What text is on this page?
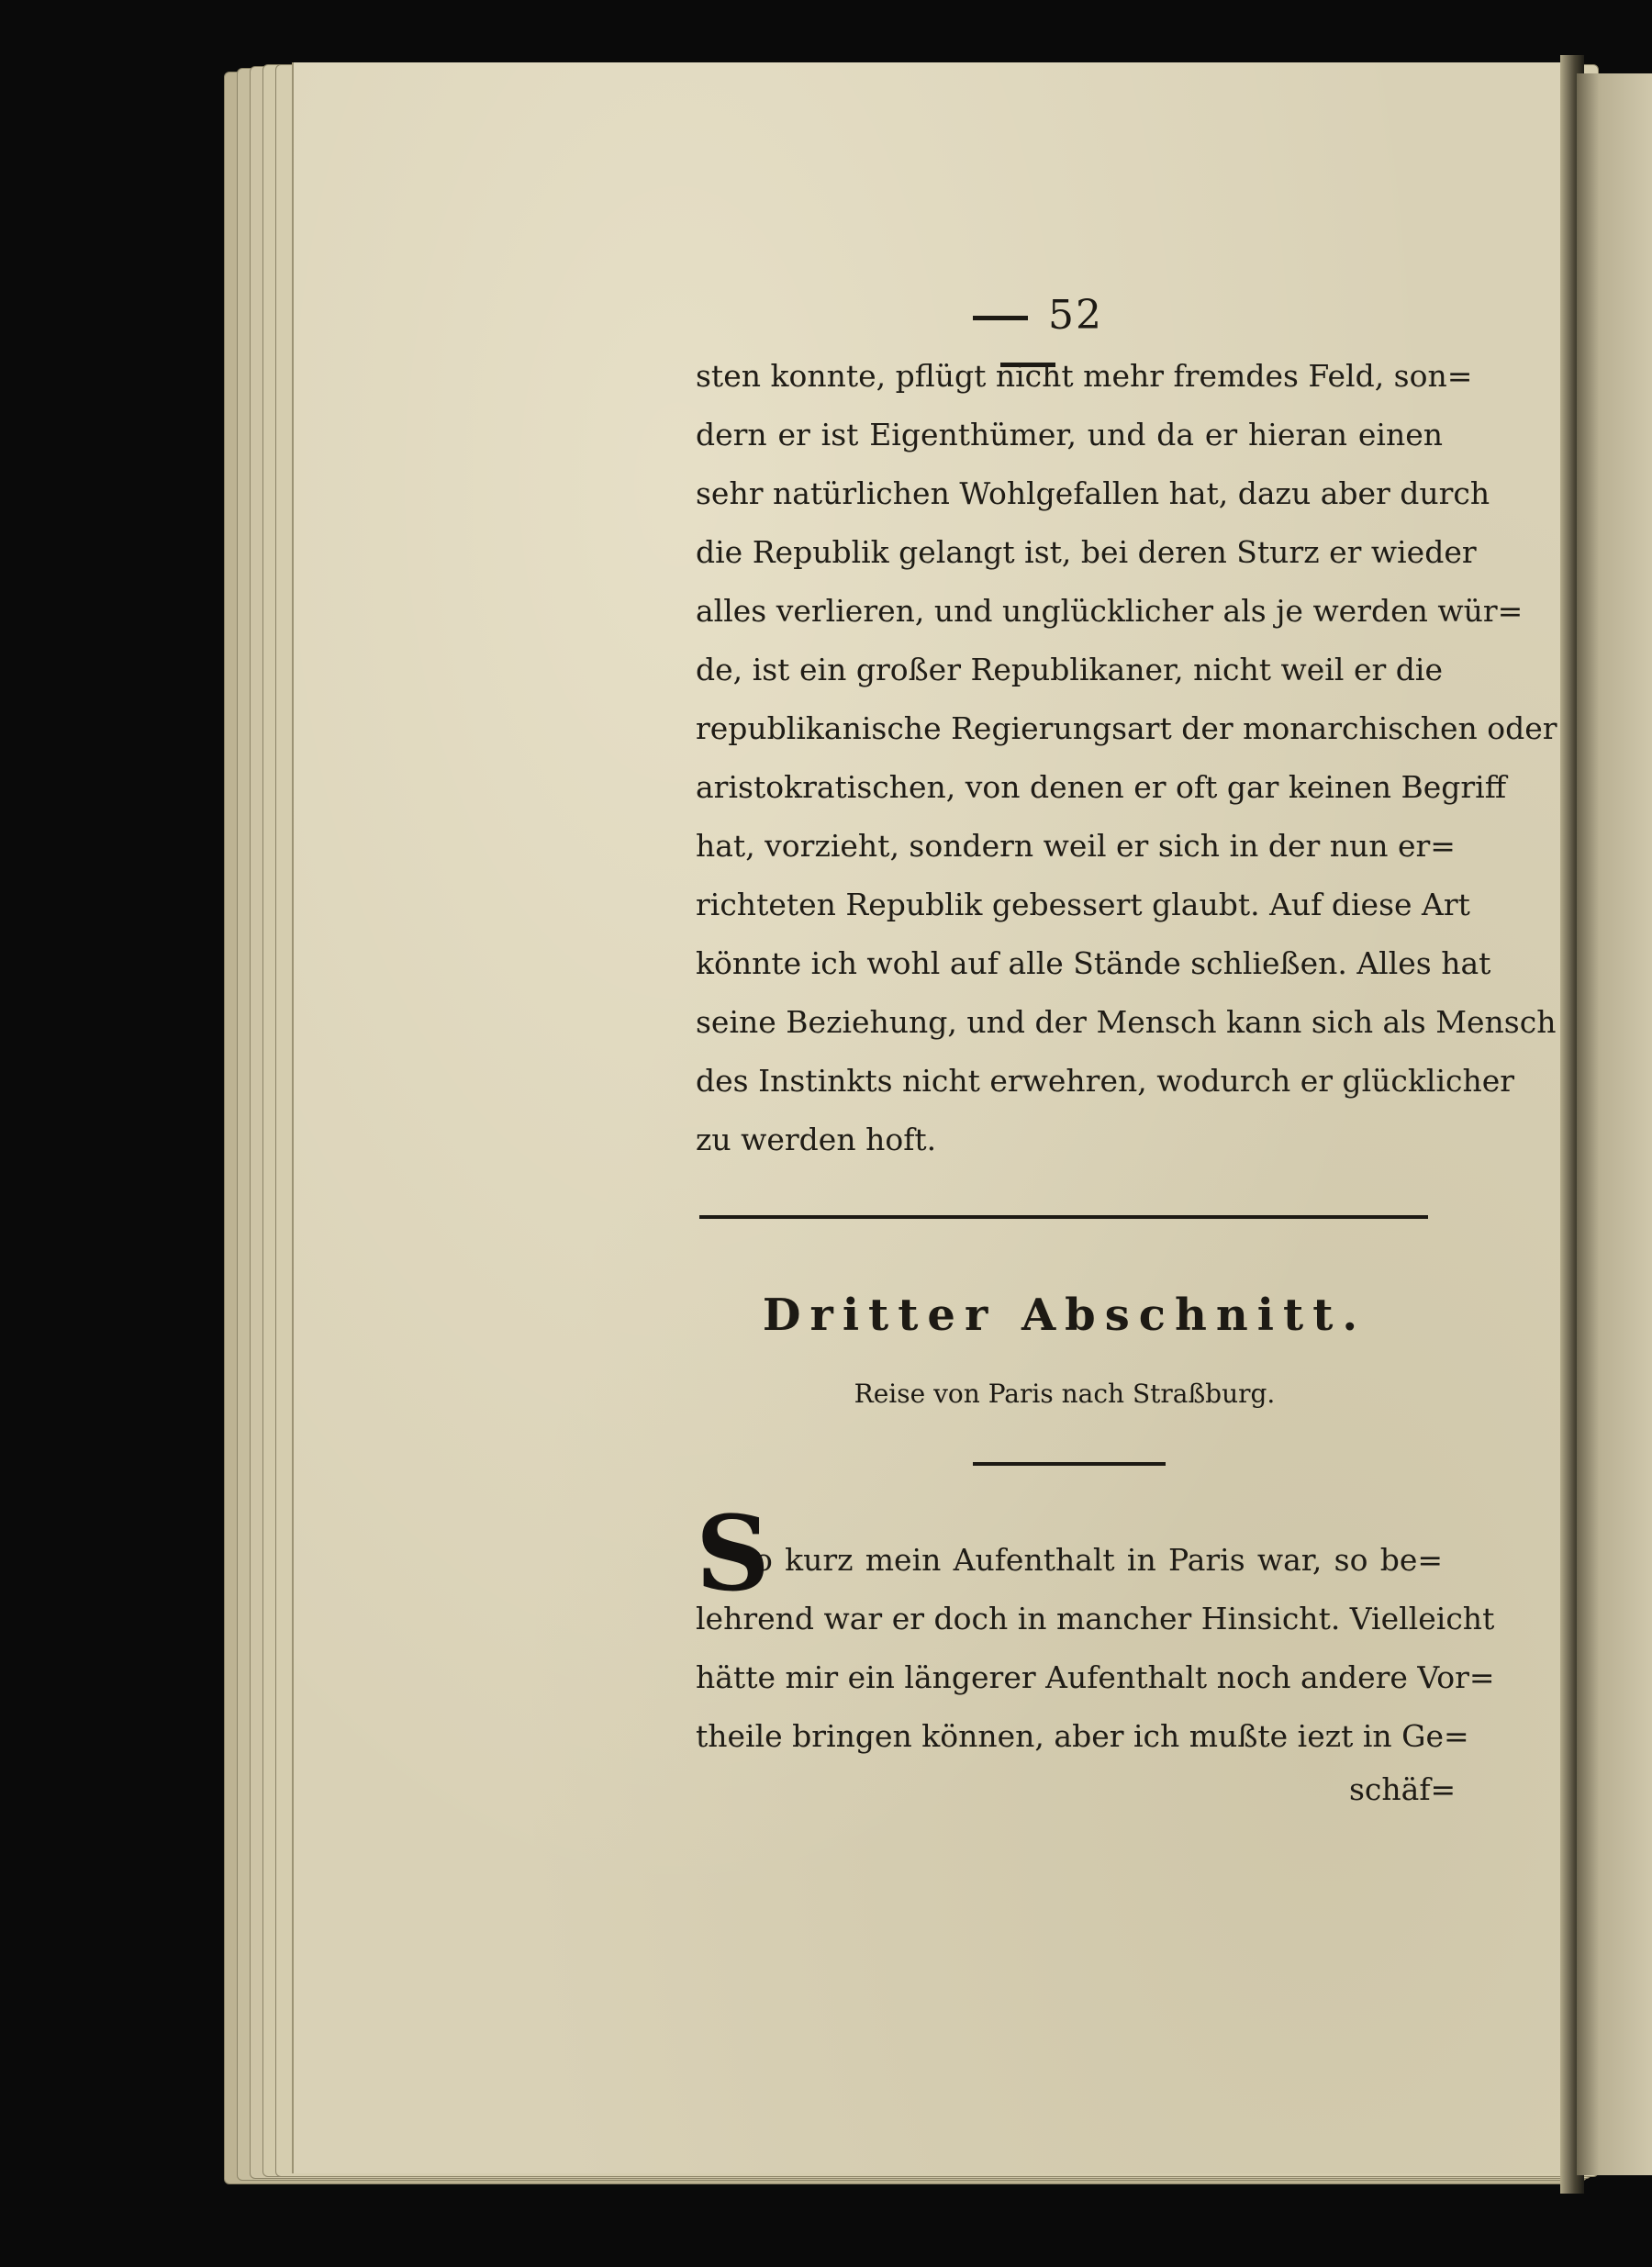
52
sten konnte, pflügt nicht mehr fremdes Feld, son=
dern er ist Eigenthümer, und da er hieran einen
sehr natürlichen Wohlgefallen hat, dazu aber durch
die Republik gelangt ist, bei deren Sturz er wieder
alles verlieren, und unglücklicher als je werden wür=
de, ist ein großer Republikaner, nicht weil er die
republikanische Regierungsart der monarchischen oder
aristokratischen, von denen er oft gar keinen Begriff
hat, vorzieht, sondern weil er sich in der nun er=
richteten Republik gebessert glaubt. Auf diese Art
könnte ich wohl auf alle Stände schließen. Alles hat
seine Beziehung, und der Mensch kann sich als Mensch
des Instinkts nicht erwehren, wodurch er glücklicher
zu werden hoft.
Dritter Abschnitt.
Reise von Paris nach Straßburg.
S
o kurz mein Aufenthalt in Paris war, so be=
lehrend war er doch in mancher Hinsicht. Vielleicht
hätte mir ein längerer Aufenthalt noch andere Vor=
theile bringen können, aber ich mußte iezt in Ge=
schäf=
